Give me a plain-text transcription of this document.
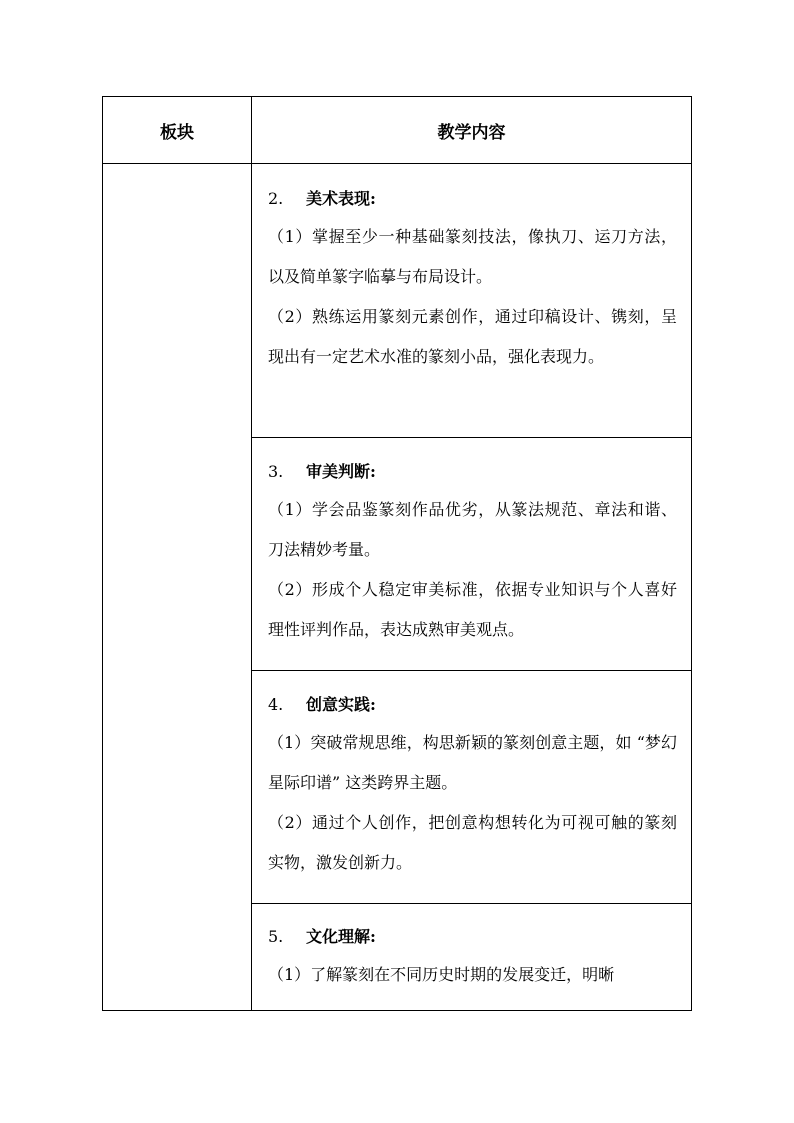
板块	教学内容
2. 美术表现:

（1）掌握至少一种基础篆刻技法，像执刀、运刀方法，以及简单篆字临摹与布局设计。

（2）熟练运用篆刻元素创作，通过印稿设计、镌刻，呈现出有一定艺术水准的篆刻小品，强化表现力。

3. 审美判断:

（1）学会品鉴篆刻作品优劣，从篆法规范、章法和谐、刀法精妙考量。

（2）形成个人稳定审美标准，依据专业知识与个人喜好理性评判作品，表达成熟审美观点。

4. 创意实践:

（1）突破常规思维，构思新颖的篆刻创意主题，如 “梦幻星际印谱” 这类跨界主题。

（2）通过个人创作，把创意构想转化为可视可触的篆刻实物，激发创新力。

5. 文化理解:

（1）了解篆刻在不同历史时期的发展变迁，明晰
